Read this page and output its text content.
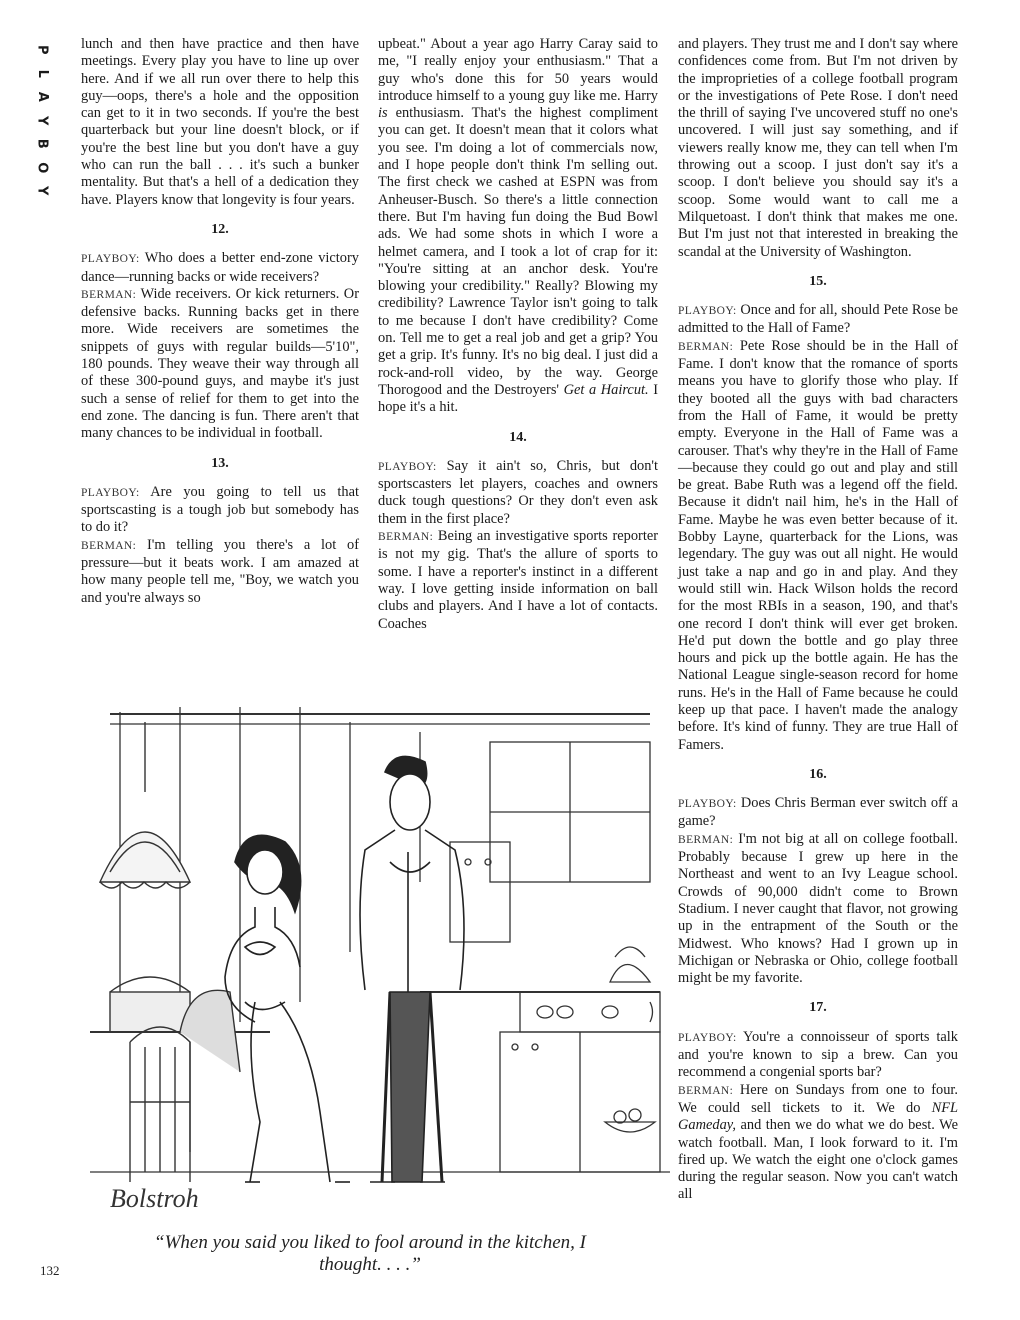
P
L
A
Y
B
O
Y

lunch and then have practice and then have meetings. Every play you have to line up over here. And if we all run over there to help this guy—oops, there's a hole and the opposition can get to it in two seconds. If you're the best quarterback but your line doesn't block, or if you're the best line but you don't have a guy who can run the ball . . . it's such a bunker mentality. But that's a hell of a dedication they have. Players know that longevity is four years.

12.

PLAYBOY: Who does a better end-zone victory dance—running backs or wide receivers?

BERMAN: Wide receivers. Or kick returners. Or defensive backs. Running backs get in there more. Wide receivers are sometimes the snippets of guys with regular builds—5'10", 180 pounds. They weave their way through all of these 300-pound guys, and maybe it's just such a sense of relief for them to get into the end zone. The dancing is fun. There aren't that many chances to be individual in football.

13.

PLAYBOY: Are you going to tell us that sportscasting is a tough job but somebody has to do it?

BERMAN: I'm telling you there's a lot of pressure—but it beats work. I am amazed at how many people tell me, "Boy, we watch you and you're always so

upbeat." About a year ago Harry Caray said to me, "I really enjoy your enthusiasm." That a guy who's done this for 50 years would introduce himself to a young guy like me. Harry is enthusiasm. That's the highest compliment you can get. It doesn't mean that it colors what you see. I'm doing a lot of commercials now, and I hope people don't think I'm selling out. The first check we cashed at ESPN was from Anheuser-Busch. So there's a little connection there. But I'm having fun doing the Bud Bowl ads. We had some shots in which I wore a helmet camera, and I took a lot of crap for it: "You're sitting at an anchor desk. You're blowing your credibility." Really? Blowing my credibility? Lawrence Taylor isn't going to talk to me because I don't have credibility? Come on. Tell me to get a real job and get a grip? You get a grip. It's funny. It's no big deal. I just did a rock-and-roll video, by the way. George Thorogood and the Destroyers' Get a Haircut. I hope it's a hit.

14.

PLAYBOY: Say it ain't so, Chris, but don't sportscasters let players, coaches and owners duck tough questions? Or they don't even ask them in the first place?

BERMAN: Being an investigative sports reporter is not my gig. That's the allure of sports to some. I have a reporter's instinct in a different way. I love getting inside information on ball clubs and players. And I have a lot of contacts. Coaches

and players. They trust me and I don't say where confidences come from. But I'm not driven by the improprieties of a college football program or the investigations of Pete Rose. I don't need the thrill of saying I've uncovered stuff no one's uncovered. I will just say something, and if viewers really know me, they can tell when I'm throwing out a scoop. I just don't say it's a scoop. I don't believe you should say it's a scoop. Some would want to call me a Milquetoast. I don't think that makes me one. But I'm just not that interested in breaking the scandal at the University of Washington.

15.

PLAYBOY: Once and for all, should Pete Rose be admitted to the Hall of Fame?

BERMAN: Pete Rose should be in the Hall of Fame. I don't know that the romance of sports means you have to glorify those who play. If they booted all the guys with bad characters from the Hall of Fame, it would be pretty empty. Everyone in the Hall of Fame was a carouser. That's why they're in the Hall of Fame—because they could go out and play and still be great. Babe Ruth was a legend off the field. Because it didn't nail him, he's in the Hall of Fame. Maybe he was even better because of it. Bobby Layne, quarterback for the Lions, was legendary. The guy was out all night. He would just take a nap and go in and play. And they would still win. Hack Wilson holds the record for the most RBIs in a season, 190, and that's one record I don't think will ever get broken. He'd put down the bottle and go play three hours and pick up the bottle again. He has the National League single-season record for home runs. He's in the Hall of Fame because he could keep up that pace. I haven't made the analogy before. It's kind of funny. They are true Hall of Famers.

16.

PLAYBOY: Does Chris Berman ever switch off a game?

BERMAN: I'm not big at all on college football. Probably because I grew up here in the Northeast and went to an Ivy League school. Crowds of 90,000 didn't come to Brown Stadium. I never caught that flavor, not growing up in the entrapment of the South or the Midwest. Who knows? Had I grown up in Michigan or Nebraska or Ohio, college football might be my favorite.

17.

PLAYBOY: You're a connoisseur of sports talk and you're known to sip a brew. Can you recommend a congenial sports bar?

BERMAN: Here on Sundays from one to four. We could sell tickets to it. We do NFL Gameday, and then we do what we do best. We watch football. Man, I look forward to it. I'm fired up. We watch the eight one o'clock games during the regular season. Now you can't watch all

Bolstroh
“When you said you liked to fool around in the kitchen, I thought. . . .”
132
